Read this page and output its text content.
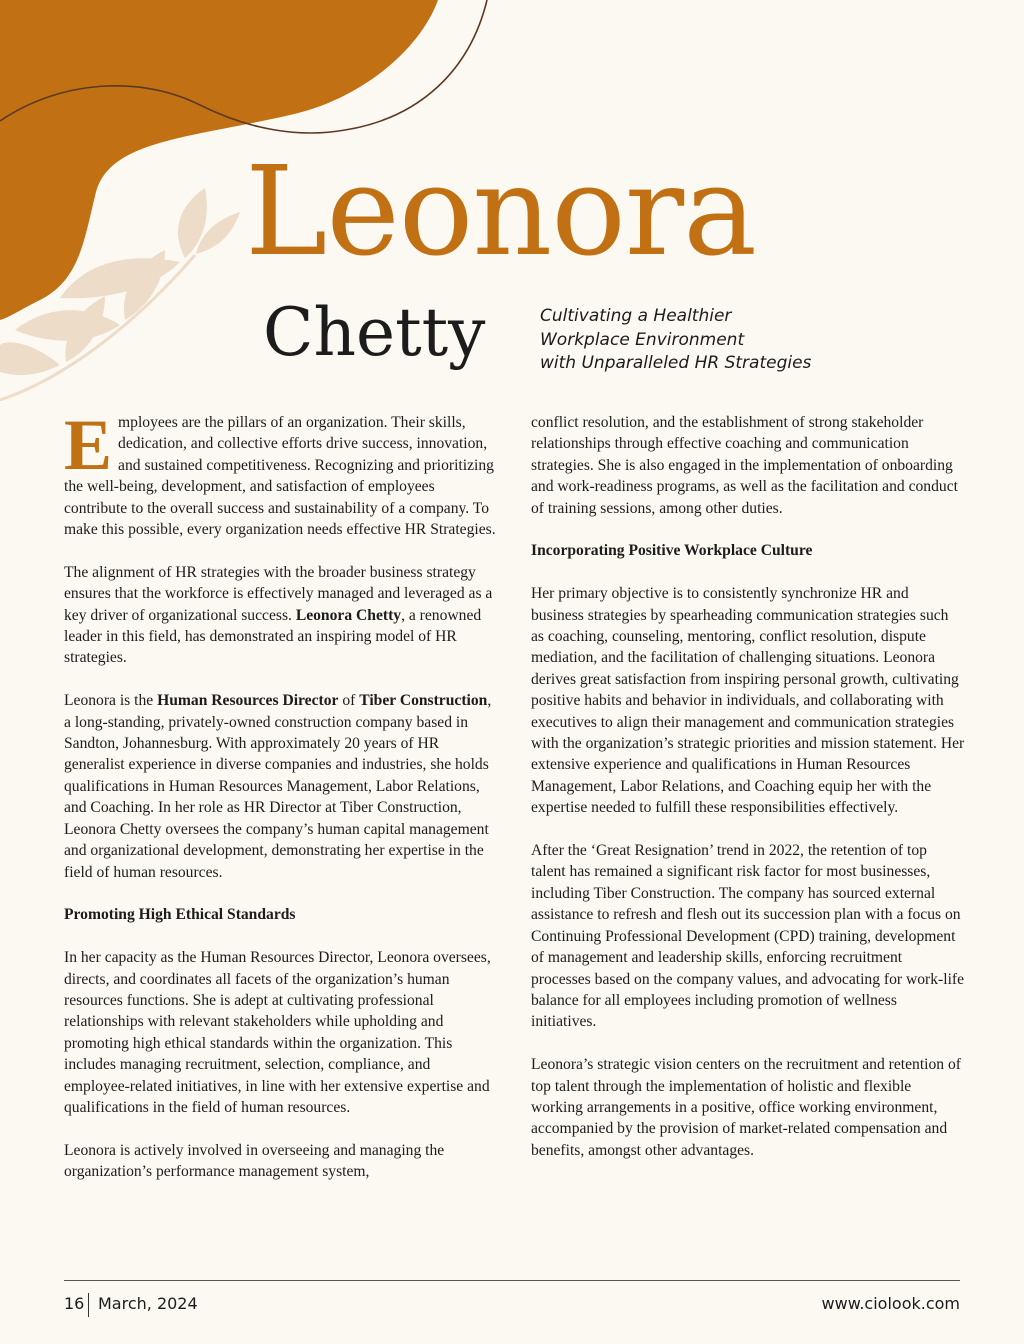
Leonora
Chetty	Cultivating a Healthier
Workplace Environment
with Unparalleled HR Strategies

Employees are the pillars of an organization. Their skills, dedication, and collective efforts drive success, innovation, and sustained competitiveness. Recognizing and prioritizing the well-being, development, and satisfaction of employees contribute to the overall success and sustainability of a company. To make this possible, every organization needs effective HR Strategies.

The alignment of HR strategies with the broader business strategy ensures that the workforce is effectively managed and leveraged as a key driver of organizational success. Leonora Chetty, a renowned leader in this field, has demonstrated an inspiring model of HR strategies.

Leonora is the Human Resources Director of Tiber Construction, a long-standing, privately-owned construction company based in Sandton, Johannesburg. With approximately 20 years of HR generalist experience in diverse companies and industries, she holds qualifications in Human Resources Management, Labor Relations, and Coaching. In her role as HR Director at Tiber Construction, Leonora Chetty oversees the company’s human capital management and organizational development, demonstrating her expertise in the field of human resources.

Promoting High Ethical Standards

In her capacity as the Human Resources Director, Leonora oversees, directs, and coordinates all facets of the organization’s human resources functions. She is adept at cultivating professional relationships with relevant stakeholders while upholding and promoting high ethical standards within the organization. This includes managing recruitment, selection, compliance, and employee-related initiatives, in line with her extensive expertise and qualifications in the field of human resources.

Leonora is actively involved in overseeing and managing the organization’s performance management system,

conflict resolution, and the establishment of strong stakeholder relationships through effective coaching and communication strategies. She is also engaged in the implementation of onboarding and work-readiness programs, as well as the facilitation and conduct of training sessions, among other duties.

Incorporating Positive Workplace Culture

Her primary objective is to consistently synchronize HR and business strategies by spearheading communication strategies such as coaching, counseling, mentoring, conflict resolution, dispute mediation, and the facilitation of challenging situations. Leonora derives great satisfaction from inspiring personal growth, cultivating positive habits and behavior in individuals, and collaborating with executives to align their management and communication strategies with the organization’s strategic priorities and mission statement. Her extensive experience and qualifications in Human Resources Management, Labor Relations, and Coaching equip her with the expertise needed to fulfill these responsibilities effectively.

After the ‘Great Resignation’ trend in 2022, the retention of top talent has remained a significant risk factor for most businesses, including Tiber Construction. The company has sourced external assistance to refresh and flesh out its succession plan with a focus on Continuing Professional Development (CPD) training, development of management and leadership skills, enforcing recruitment processes based on the company values, and advocating for work-life balance for all employees including promotion of wellness initiatives.

Leonora’s strategic vision centers on the recruitment and retention of top talent through the implementation of holistic and flexible working arrangements in a positive, office working environment, accompanied by the provision of market-related compensation and benefits, amongst other advantages.

16 March, 2024	www.ciolook.com
